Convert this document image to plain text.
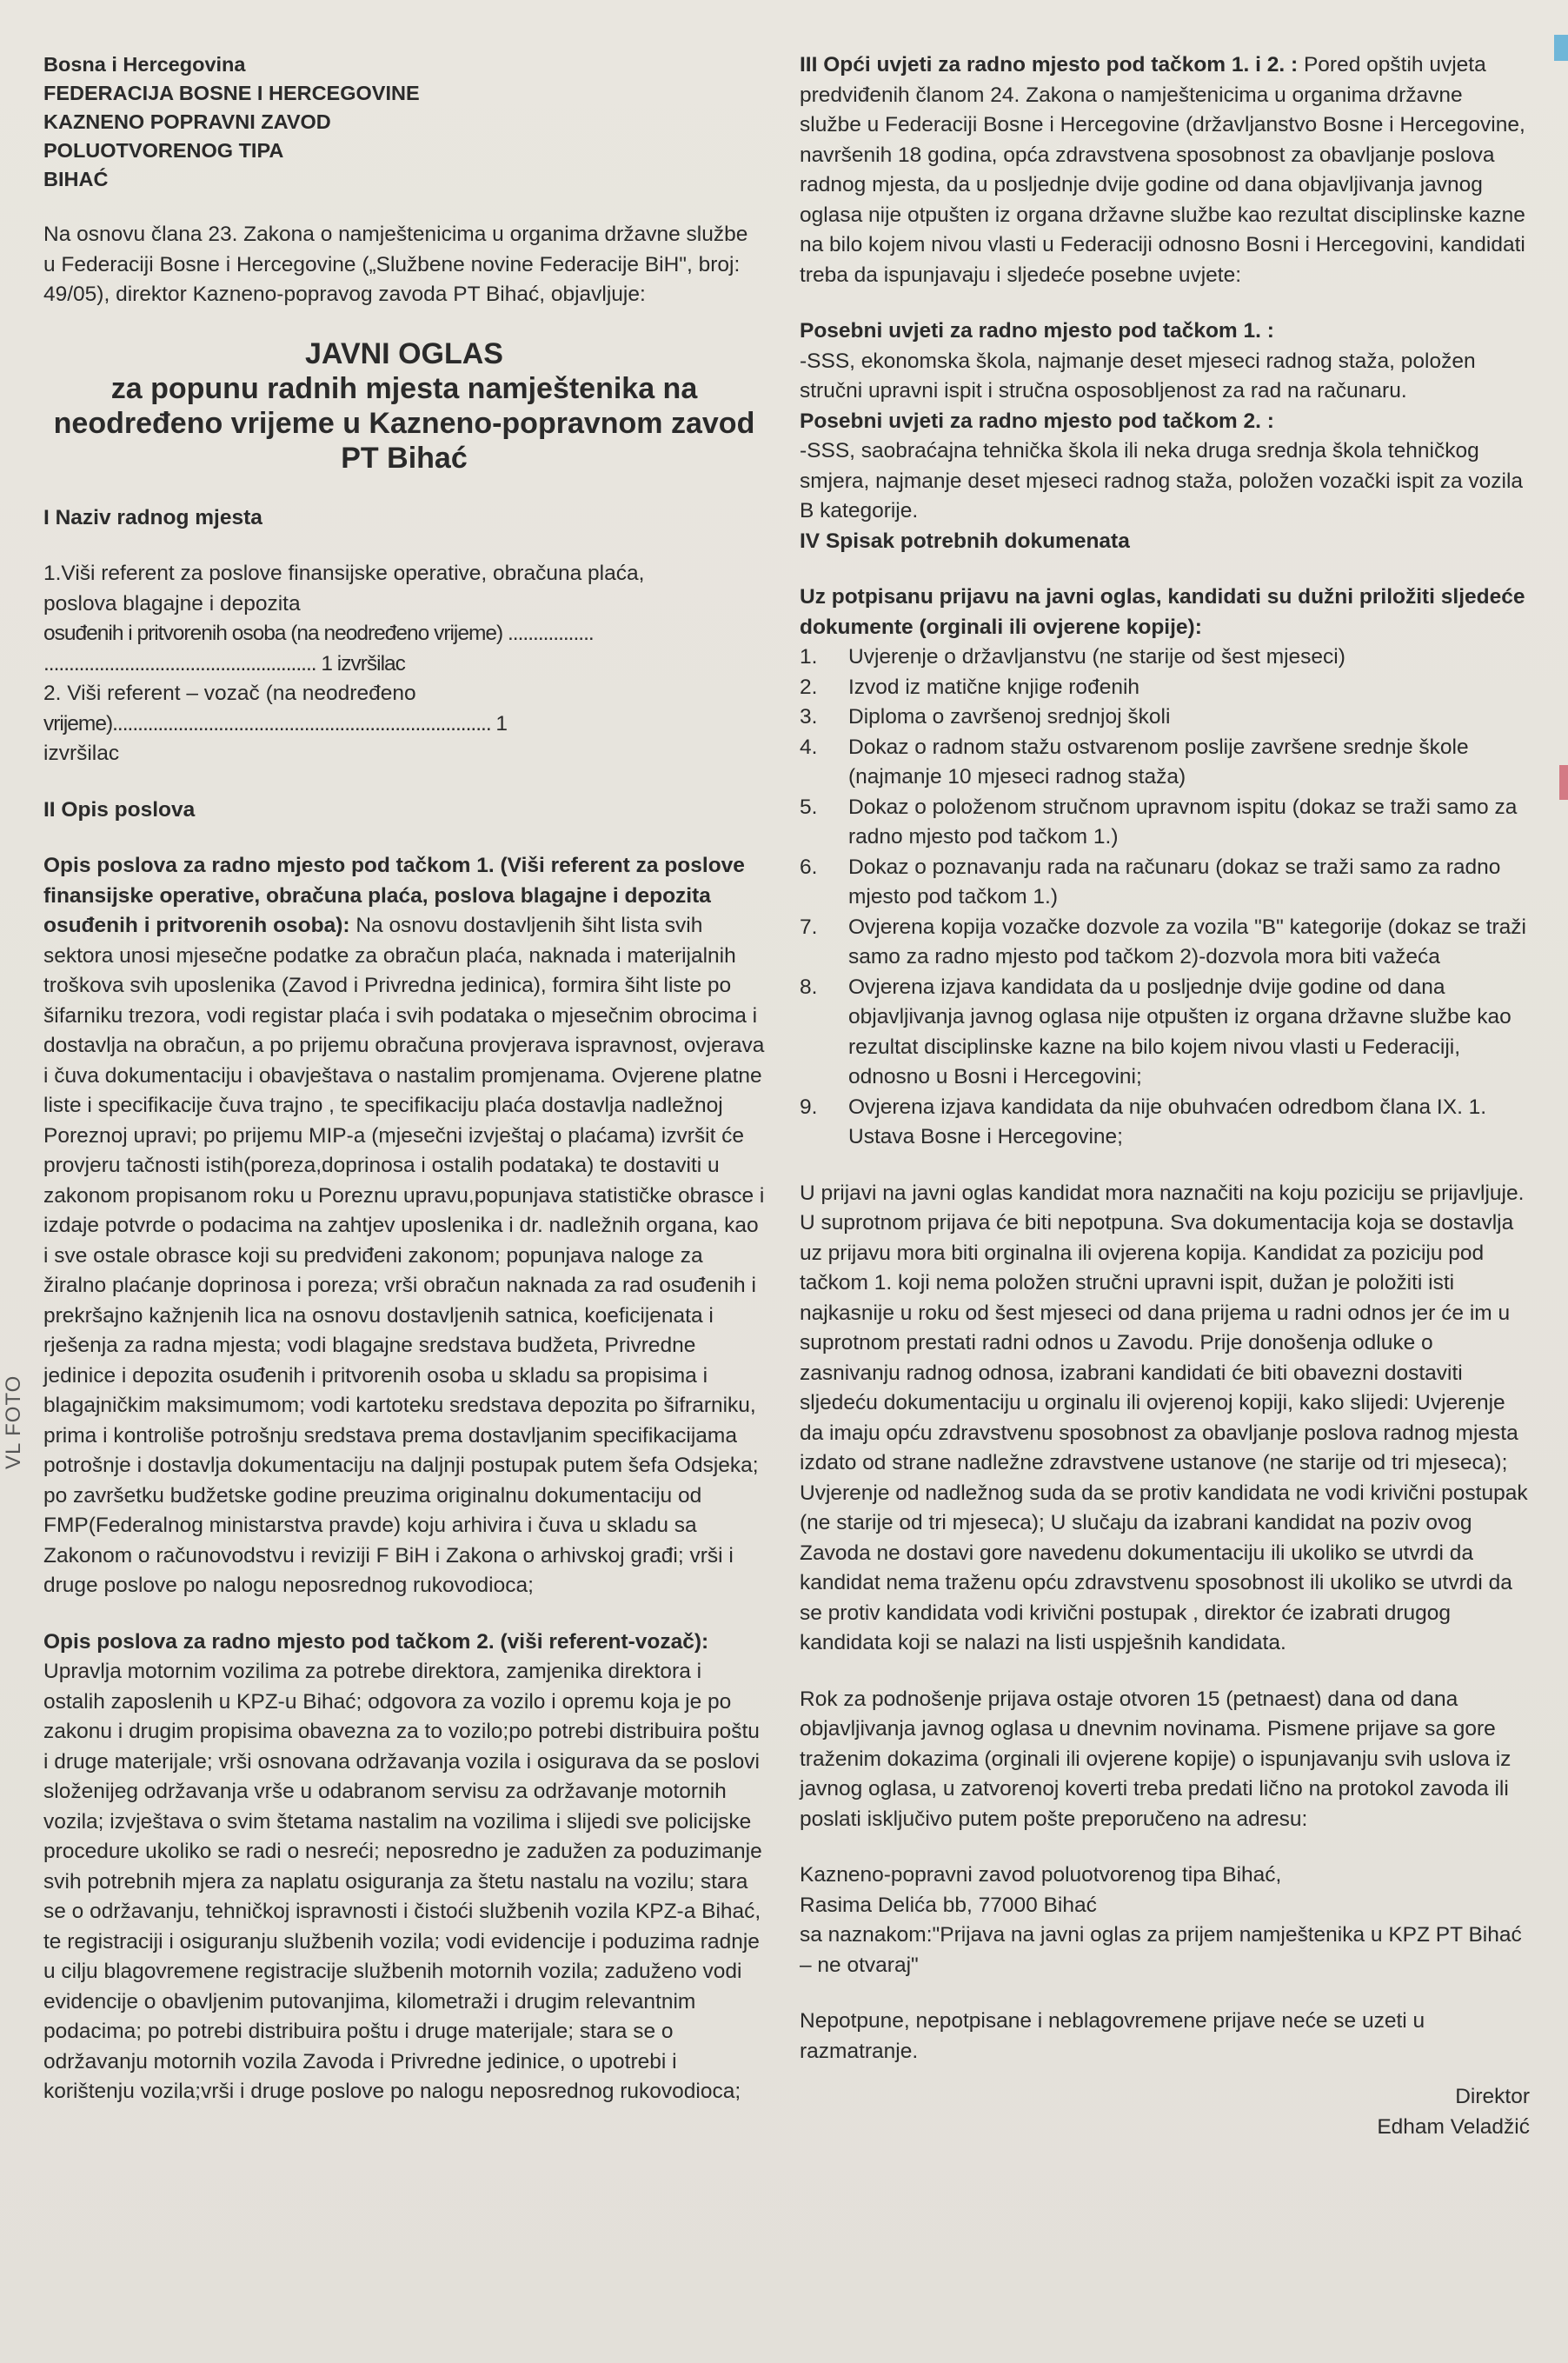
VL FOTO
Bosna i Hercegovina
FEDERACIJA BOSNE I HERCEGOVINE
KAZNENO POPRAVNI ZAVOD
POLUOTVORENOG TIPA
BIHAĆ

Na osnovu člana 23. Zakona o namještenicima u organima državne službe u Federaciji Bosne i Hercegovine („Službene novine Federacije BiH", broj: 49/05), direktor Kazneno-popravog zavoda PT Bihać, objavljuje:

JAVNI OGLAS
za popunu radnih mjesta namještenika na neodređeno vrijeme u Kazneno-popravnom zavod PT Bihać

I Naziv radnog mjesta

1.Viši referent za poslove finansijske operative, obračuna plaća,
poslova blagajne i depozita
osuđenih i pritvorenih osoba (na neodređeno vrijeme) .................
...................................................... 1 izvršilac
2. Viši referent – vozač (na neodređeno
vrijeme)........................................................................... 1
izvršilac

II Opis poslova

Opis poslova za radno mjesto pod tačkom 1. (Viši referent za poslove finansijske operative, obračuna plaća, poslova blagajne i depozita osuđenih i pritvorenih osoba): Na osnovu dostavljenih šiht lista svih sektora unosi mjesečne podatke za obračun plaća, naknada i materijalnih troškova svih uposlenika (Zavod i Privredna jedinica), formira šiht liste po šifarniku trezora, vodi registar plaća i svih podataka o mjesečnim obrocima i dostavlja na obračun, a po prijemu obračuna provjerava ispravnost, ovjerava i čuva dokumentaciju i obavještava o nastalim promjenama. Ovjerene platne liste i specifikacije čuva trajno , te specifikaciju plaća dostavlja nadležnoj Poreznoj upravi; po prijemu MIP-a (mjesečni izvještaj o plaćama) izvršit će provjeru tačnosti istih(poreza,doprinosa i ostalih podataka) te dostaviti u zakonom propisanom roku u Poreznu upravu,popunjava statističke obrasce i izdaje potvrde o podacima na zahtjev uposlenika i dr. nadležnih organa, kao i sve ostale obrasce koji su predviđeni zakonom; popunjava naloge za žiralno plaćanje doprinosa i poreza; vrši obračun naknada za rad osuđenih i prekršajno kažnjenih lica na osnovu dostavljenih satnica, koeficijenata i rješenja za radna mjesta; vodi blagajne sredstava budžeta, Privredne jedinice i depozita osuđenih i pritvorenih osoba u skladu sa propisima i blagajničkim maksimumom; vodi kartoteku sredstava depozita po šifrarniku, prima i kontroliše potrošnju sredstava prema dostavljanim specifikacijama potrošnje i dostavlja dokumentaciju na daljnji postupak putem šefa Odsjeka; po završetku budžetske godine preuzima originalnu dokumentaciju od FMP(Federalnog ministarstva pravde) koju arhivira i čuva u skladu sa Zakonom o računovodstvu i reviziji F BiH i Zakona o arhivskoj građi; vrši i druge poslove po nalogu neposrednog rukovodioca;

Opis poslova za radno mjesto pod tačkom 2. (viši referent-vozač): Upravlja motornim vozilima za potrebe direktora, zamjenika direktora i ostalih zaposlenih u KPZ-u Bihać; odgovora za vozilo i opremu koja je po zakonu i drugim propisima obavezna za to vozilo;po potrebi distribuira poštu i druge materijale; vrši osnovana održavanja vozila i osigurava da se poslovi složenijeg održavanja vrše u odabranom servisu za održavanje motornih vozila; izvještava o svim štetama nastalim na vozilima i slijedi sve policijske procedure ukoliko se radi o nesreći; neposredno je zadužen za poduzimanje svih potrebnih mjera za naplatu osiguranja za štetu nastalu na vozilu; stara se o održavanju, tehničkoj ispravnosti i čistoći službenih vozila KPZ-a Bihać, te registraciji i osiguranju službenih vozila; vodi evidencije i poduzima radnje u cilju blagovremene registracije službenih motornih vozila; zaduženo vodi evidencije o obavljenim putovanjima, kilometraži i drugim relevantnim podacima; po potrebi distribuira poštu i druge materijale; stara se o održavanju motornih vozila Zavoda i Privredne jedinice, o upotrebi i korištenju vozila;vrši i druge poslove po nalogu neposrednog rukovodioca;

III Opći uvjeti za radno mjesto pod tačkom 1. i 2. : Pored opštih uvjeta predviđenih članom 24. Zakona o namještenicima u organima državne službe u Federaciji Bosne i Hercegovine (državljanstvo Bosne i Hercegovine, navršenih 18 godina, opća zdravstvena sposobnost za obavljanje poslova radnog mjesta, da u posljednje dvije godine od dana objavljivanja javnog oglasa nije otpušten iz organa državne službe kao rezultat disciplinske kazne na bilo kojem nivou vlasti u Federaciji odnosno Bosni i Hercegovini, kandidati treba da ispunjavaju i sljedeće posebne uvjete:

Posebni uvjeti za radno mjesto pod tačkom 1. :

-SSS, ekonomska škola, najmanje deset mjeseci radnog staža, položen stručni upravni ispit i stručna osposobljenost za rad na računaru.

Posebni uvjeti za radno mjesto pod tačkom 2. :

-SSS, saobraćajna tehnička škola ili neka druga srednja škola tehničkog smjera, najmanje deset mjeseci radnog staža, položen vozački ispit za vozila B kategorije.

IV Spisak potrebnih dokumenata

Uz potpisanu prijavu na javni oglas, kandidati su dužni priložiti sljedeće dokumente (orginali ili ovjerene kopije):

1.	Uvjerenje o državljanstvu (ne starije od šest mjeseci)
2.	Izvod iz matične knjige rođenih
3.	Diploma o završenoj srednjoj školi
4.	Dokaz o radnom stažu ostvarenom poslije završene srednje škole (najmanje 10 mjeseci radnog staža)
5.	Dokaz o položenom stručnom upravnom ispitu (dokaz se traži samo za radno mjesto pod tačkom 1.)
6.	Dokaz o poznavanju rada na računaru (dokaz se traži samo za radno mjesto pod tačkom 1.)
7.	Ovjerena kopija vozačke dozvole za vozila "B" kategorije (dokaz se traži samo za radno mjesto pod tačkom 2)-dozvola mora biti važeća
8.	Ovjerena izjava kandidata da u posljednje dvije godine od dana objavljivanja javnog oglasa nije otpušten iz organa državne službe kao rezultat disciplinske kazne na bilo kojem nivou vlasti u Federaciji, odnosno u Bosni i Hercegovini;
9.	Ovjerena izjava kandidata da nije obuhvaćen odredbom člana IX. 1. Ustava Bosne i Hercegovine;

U prijavi na javni oglas kandidat mora naznačiti na koju poziciju se prijavljuje. U suprotnom prijava će biti nepotpuna. Sva dokumentacija koja se dostavlja uz prijavu mora biti orginalna ili ovjerena kopija. Kandidat za poziciju pod tačkom 1. koji nema položen stručni upravni ispit, dužan je položiti isti najkasnije u roku od šest mjeseci od dana prijema u radni odnos jer će im u suprotnom prestati radni odnos u Zavodu. Prije donošenja odluke o zasnivanju radnog odnosa, izabrani kandidati će biti obavezni dostaviti sljedeću dokumentaciju u orginalu ili ovjerenoj kopiji, kako slijedi: Uvjerenje da imaju opću zdravstvenu sposobnost za obavljanje poslova radnog mjesta izdato od strane nadležne zdravstvene ustanove (ne starije od tri mjeseca); Uvjerenje od nadležnog suda da se protiv kandidata ne vodi krivični postupak (ne starije od tri mjeseca); U slučaju da izabrani kandidat na poziv ovog Zavoda ne dostavi gore navedenu dokumentaciju ili ukoliko se utvrdi da kandidat nema traženu opću zdravstvenu sposobnost ili ukoliko se utvrdi da se protiv kandidata vodi krivični postupak , direktor će izabrati drugog kandidata koji se nalazi na listi uspješnih kandidata.

Rok za podnošenje prijava ostaje otvoren 15 (petnaest) dana od dana objavljivanja javnog oglasa u dnevnim novinama. Pismene prijave sa gore traženim dokazima (orginali ili ovjerene kopije) o ispunjavanju svih uslova iz javnog oglasa, u zatvorenoj koverti treba predati lično na protokol zavoda ili poslati isključivo putem pošte preporučeno na adresu:

Kazneno-popravni zavod poluotvorenog tipa Bihać,
Rasima Delića bb, 77000 Bihać
sa naznakom:"Prijava na javni oglas za prijem namještenika u KPZ PT Bihać – ne otvaraj"

Nepotpune, nepotpisane i neblagovremene prijave neće se uzeti u razmatranje.

Direktor
Edham Veladžić
